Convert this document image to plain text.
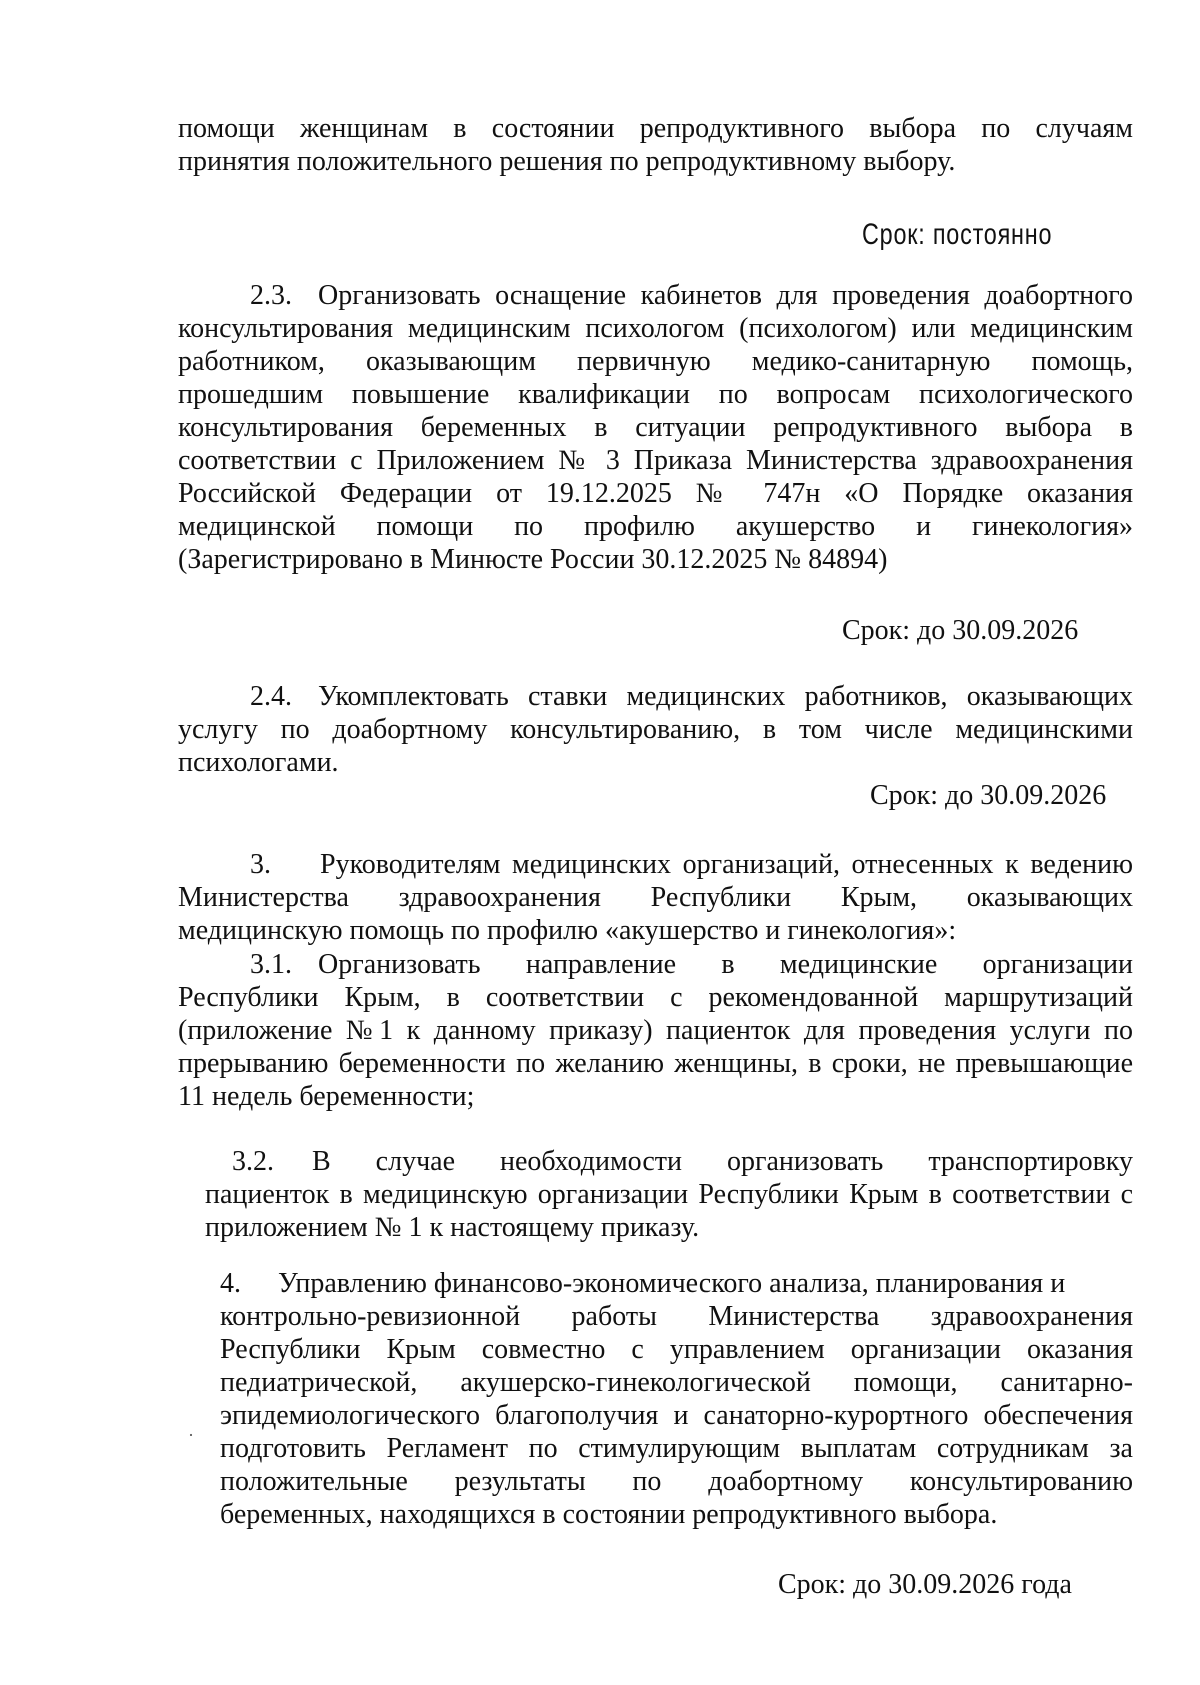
помощи женщинам в состоянии репродуктивного выбора по случаям
принятия положительного решения по репродуктивному выбору.
Срок: постоянно
2.3. Организовать оснащение кабинетов для проведения доабортного
консультирования медицинским психологом (психологом) или медицинским
работником, оказывающим первичную медико-санитарную помощь,
прошедшим повышение квалификации по вопросам психологического
консультирования беременных в ситуации репродуктивного выбора в
соответствии с Приложением № 3 Приказа Министерства здравоохранения
Российской Федерации от 19.12.2025 № 747н «О Порядке оказания
медицинской помощи по профилю акушерство и гинекология»
(Зарегистрировано в Минюсте России 30.12.2025 № 84894)
Срок: до 30.09.2026
2.4. Укомплектовать ставки медицинских работников, оказывающих
услугу по доабортному консультированию, в том числе медицинскими
психологами.
Срок: до 30.09.2026
3. Руководителям медицинских организаций, отнесенных к ведению
Министерства здравоохранения Республики Крым, оказывающих
медицинскую помощь по профилю «акушерство и гинекология»:
3.1. Организовать направление в медицинские организации
Республики Крым, в соответствии с рекомендованной маршрутизаций
(приложение №1 к данному приказу) пациенток для проведения услуги по
прерыванию беременности по желанию женщины, в сроки, не превышающие
11 недель беременности;
3.2. В случае необходимости организовать транспортировку
пациенток в медицинскую организации Республики Крым в соответствии с
приложением № 1 к настоящему приказу.
4. Управлению финансово-экономического анализа, планирования и
контрольно-ревизионной работы Министерства здравоохранения
Республики Крым совместно с управлением организации оказания
педиатрической, акушерско-гинекологической помощи, санитарно-
эпидемиологического благополучия и санаторно-курортного обеспечения
подготовить Регламент по стимулирующим выплатам сотрудникам за
положительные результаты по доабортному консультированию
беременных, находящихся в состоянии репродуктивного выбора.
·
Срок: до 30.09.2026 года
